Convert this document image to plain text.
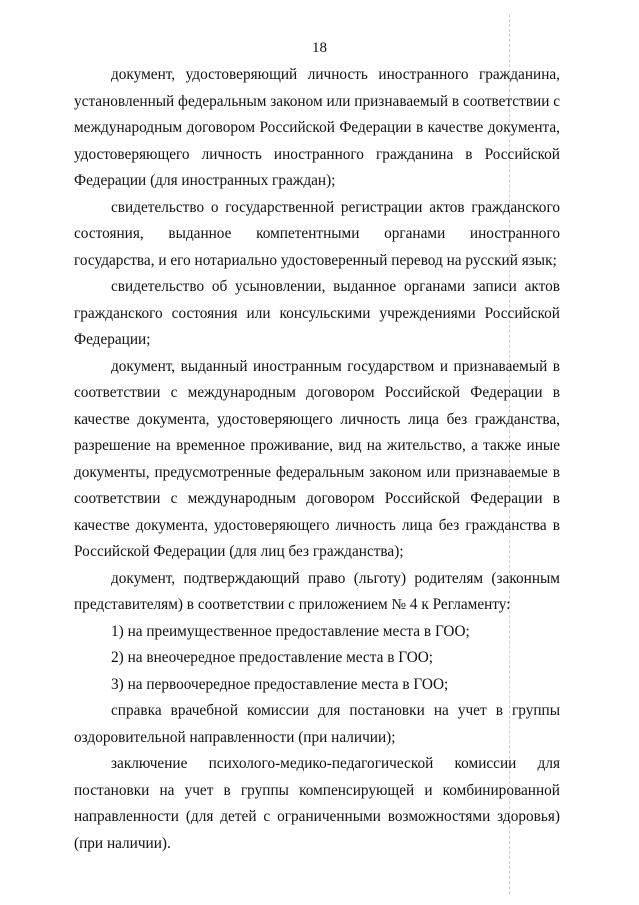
18

документ, удостоверяющий личность иностранного гражданина, установленный федеральным законом или признаваемый в соответствии с международным договором Российской Федерации в качестве документа, удостоверяющего личность иностранного гражданина в Российской Федерации (для иностранных граждан);

свидетельство о государственной регистрации актов гражданского состояния, выданное компетентными органами иностранного государства, и его нотариально удостоверенный перевод на русский язык;

свидетельство об усыновлении, выданное органами записи актов гражданского состояния или консульскими учреждениями Российской Федерации;

документ, выданный иностранным государством и признаваемый в соответствии с международным договором Российской Федерации в качестве документа, удостоверяющего личность лица без гражданства, разрешение на временное проживание, вид на жительство, а также иные документы, предусмотренные федеральным законом или признаваемые в соответствии с международным договором Российской Федерации в качестве документа, удостоверяющего личность лица без гражданства в Российской Федерации (для лиц без гражданства);

документ, подтверждающий право (льготу) родителям (законным представителям) в соответствии с приложением № 4 к Регламенту:

1) на преимущественное предоставление места в ГОО;

2) на внеочередное предоставление места в ГОО;

3) на первоочередное предоставление места в ГОО;

справка врачебной комиссии для постановки на учет в группы оздоровительной направленности (при наличии);

заключение психолого-медико-педагогической комиссии для постановки на учет в группы компенсирующей и комбинированной направленности (для детей с ограниченными возможностями здоровья) (при наличии).
